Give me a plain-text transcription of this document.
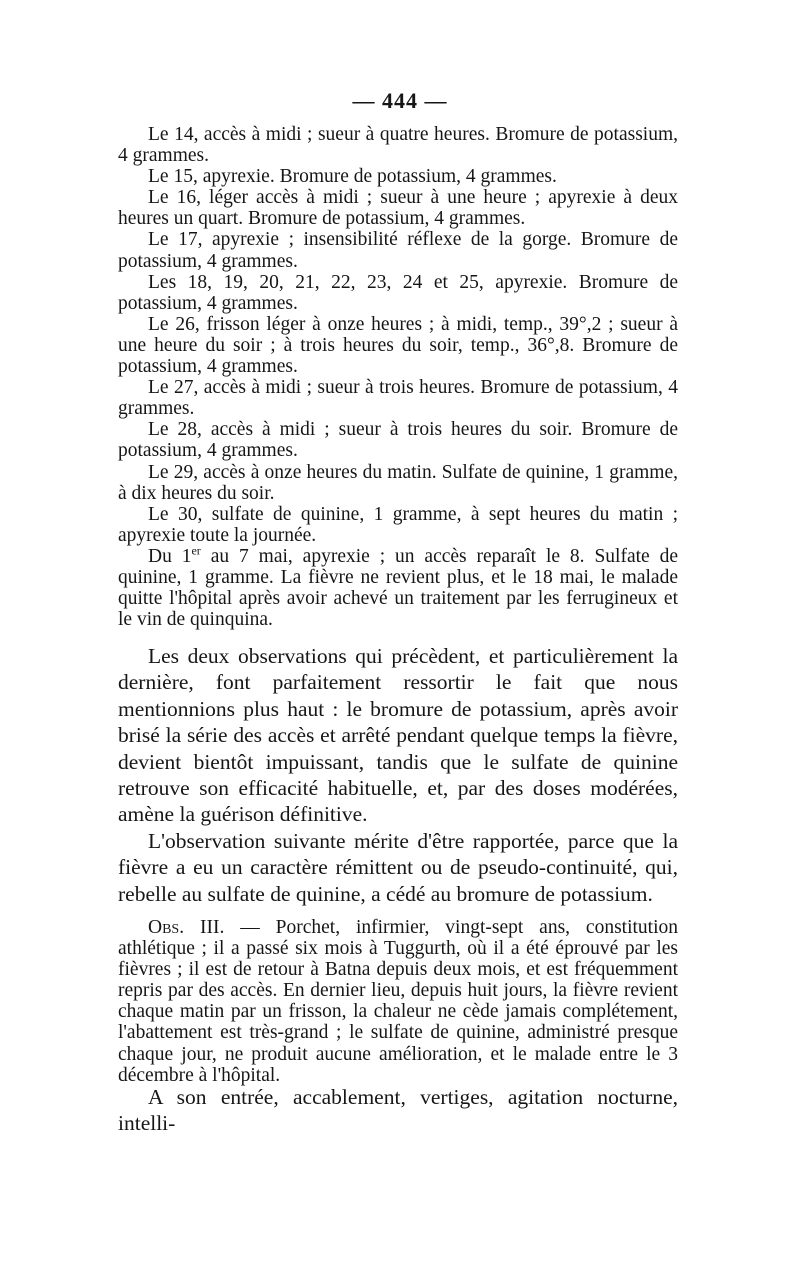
— 444 —

Le 14, accès à midi ; sueur à quatre heures. Bromure de potassium, 4 grammes.

Le 15, apyrexie. Bromure de potassium, 4 grammes.

Le 16, léger accès à midi ; sueur à une heure ; apyrexie à deux heures un quart. Bromure de potassium, 4 grammes.

Le 17, apyrexie ; insensibilité réflexe de la gorge. Bromure de potassium, 4 grammes.

Les 18, 19, 20, 21, 22, 23, 24 et 25, apyrexie. Bromure de potassium, 4 grammes.

Le 26, frisson léger à onze heures ; à midi, temp., 39°,2 ; sueur à une heure du soir ; à trois heures du soir, temp., 36°,8. Bromure de potassium, 4 grammes.

Le 27, accès à midi ; sueur à trois heures. Bromure de potassium, 4 grammes.

Le 28, accès à midi ; sueur à trois heures du soir. Bromure de potassium, 4 grammes.

Le 29, accès à onze heures du matin. Sulfate de quinine, 1 gramme, à dix heures du soir.

Le 30, sulfate de quinine, 1 gramme, à sept heures du matin ; apyrexie toute la journée.

Du 1er au 7 mai, apyrexie ; un accès reparaît le 8. Sulfate de quinine, 1 gramme. La fièvre ne revient plus, et le 18 mai, le malade quitte l'hôpital après avoir achevé un traitement par les ferrugineux et le vin de quinquina.

Les deux observations qui précèdent, et particulièrement la dernière, font parfaitement ressortir le fait que nous mentionnions plus haut : le bromure de potassium, après avoir brisé la série des accès et arrêté pendant quelque temps la fièvre, devient bientôt impuissant, tandis que le sulfate de quinine retrouve son efficacité habituelle, et, par des doses modérées, amène la guérison définitive.

L'observation suivante mérite d'être rapportée, parce que la fièvre a eu un caractère rémittent ou de pseudo-continuité, qui, rebelle au sulfate de quinine, a cédé au bromure de potassium.

Obs. III. — Porchet, infirmier, vingt-sept ans, constitution athlétique ; il a passé six mois à Tuggurth, où il a été éprouvé par les fièvres ; il est de retour à Batna depuis deux mois, et est fréquemment repris par des accès. En dernier lieu, depuis huit jours, la fièvre revient chaque matin par un frisson, la chaleur ne cède jamais complétement, l'abattement est très-grand ; le sulfate de quinine, administré presque chaque jour, ne produit aucune amélioration, et le malade entre le 3 décembre à l'hôpital.

A son entrée, accablement, vertiges, agitation nocturne, intelli-
